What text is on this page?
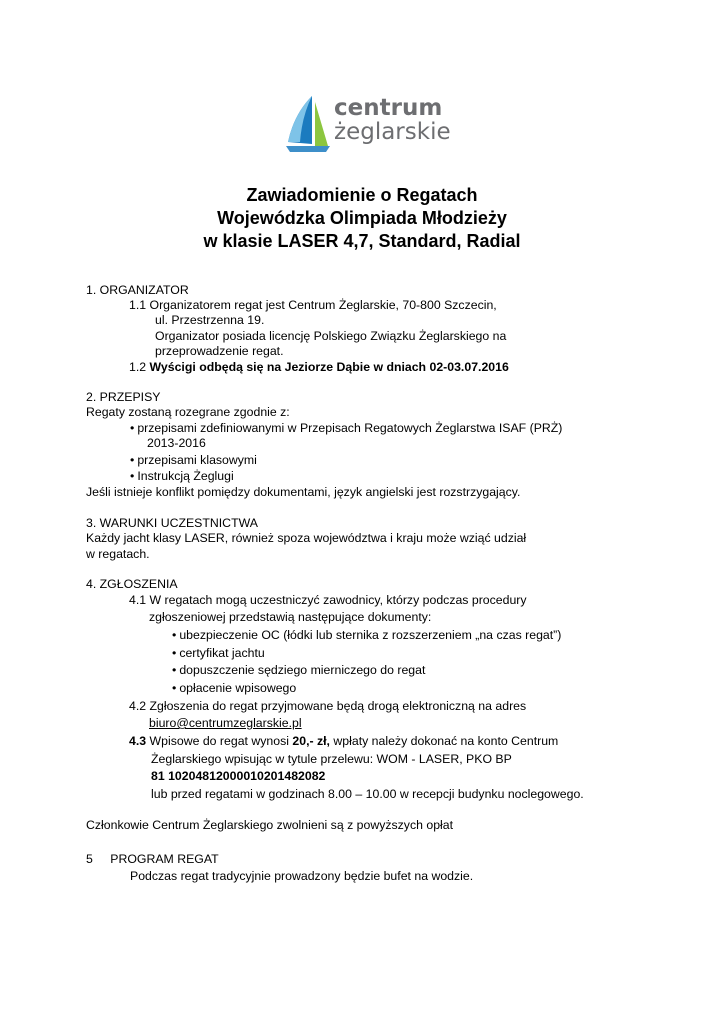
centrum
żeglarskie
Zawiadomienie o Regatach
Wojewódzka Olimpiada Młodzieży
w klasie LASER 4,7, Standard, Radial
1. ORGANIZATOR
1.1 Organizatorem regat jest Centrum Żeglarskie, 70-800 Szczecin,
ul. Przestrzenna 19.
Organizator posiada licencję Polskiego Związku Żeglarskiego na
przeprowadzenie regat.
1.2 Wyścigi odbędą się na Jeziorze Dąbie w dniach 02-03.07.2016
2. PRZEPISY
Regaty zostaną rozegrane zgodnie z:
• przepisami zdefiniowanymi w Przepisach Regatowych Żeglarstwa ISAF (PRŻ)
2013-2016
• przepisami klasowymi
• Instrukcją Żeglugi
Jeśli istnieje konflikt pomiędzy dokumentami, język angielski jest rozstrzygający.
3. WARUNKI UCZESTNICTWA
Każdy jacht klasy LASER, również spoza województwa i kraju może wziąć udział
w regatach.
4. ZGŁOSZENIA
4.1 W regatach mogą uczestniczyć zawodnicy, którzy podczas procedury
zgłoszeniowej przedstawią następujące dokumenty:
• ubezpieczenie OC (łódki lub sternika z rozszerzeniem „na czas regat”)
• certyfikat jachtu
• dopuszczenie sędziego mierniczego do regat
• opłacenie wpisowego
4.2 Zgłoszenia do regat przyjmowane będą drogą elektroniczną na adres
biuro@centrumzeglarskie.pl
4.3 Wpisowe do regat wynosi 20,- zł, wpłaty należy dokonać na konto Centrum
Żeglarskiego wpisując w tytule przelewu: WOM - LASER, PKO BP
81 10204812000010201482082
lub przed regatami w godzinach 8.00 – 10.00 w recepcji budynku noclegowego.
Członkowie Centrum Żeglarskiego zwolnieni są z powyższych opłat
5 PROGRAM REGAT
Podczas regat tradycyjnie prowadzony będzie bufet na wodzie.
